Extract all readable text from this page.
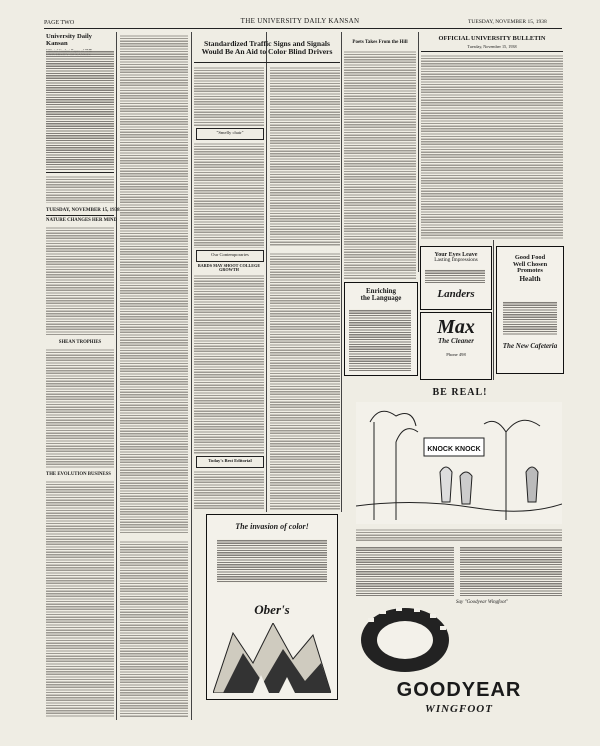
PAGE TWO	THE UNIVERSITY DAILY KANSAN	TUESDAY, NOVEMBER 15, 1938
University Daily Kansan
TUESDAY, NOVEMBER 15, 1938
NATURE CHANGES HER MIND
SHEAN TROPHIES
THE EVOLUTION BUSINESS
Standardized Traffic Signs and Signals
Would Be An Aid to Color Blind Drivers
"Smelly chair"
Our Contemporaries
BARDS MAY SHOOT COLLEGE GROWTH
Today's Best Editorial
Poets Takes From the Hill
OFFICIAL UNIVERSITY BULLETIN
Tuesday, November 15, 1938
Enriching
the Language
Your Eyes Leave
Lasting Impressions
Landers
Max
The Cleaner
Phone 498
Good Food
Well Chosen
Promotes
Health
The New Cafeteria
BE REAL!
KNOCK KNOCK
Say "Goodyear Wingfoot"
GOODYEAR
WINGFOOT
The invasion of color!
Ober's
